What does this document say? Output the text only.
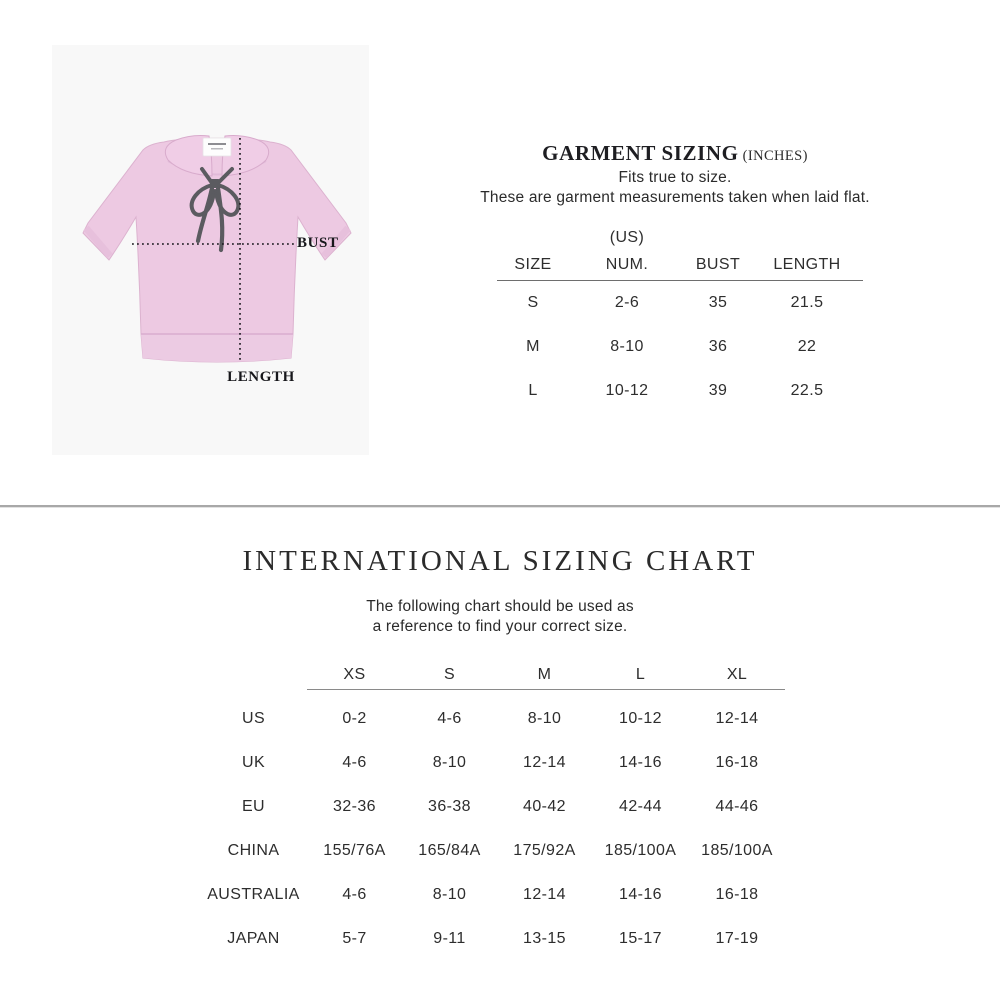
BUST
LENGTH
GARMENT SIZING (INCHES)
Fits true to size.
These are garment measurements taken when laid flat.
	(US)		
SIZE	NUM.	BUST	LENGTH
S	2-6	35	21.5
M	8-10	36	22
L	10-12	39	22.5
INTERNATIONAL SIZING CHART
The following chart should be used as
a reference to find your correct size.
	XS	S	M	L	XL
US	0-2	4-6	8-10	10-12	12-14
UK	4-6	8-10	12-14	14-16	16-18
EU	32-36	36-38	40-42	42-44	44-46
CHINA	155/76A	165/84A	175/92A	185/100A	185/100A
AUSTRALIA	4-6	8-10	12-14	14-16	16-18
JAPAN	5-7	9-11	13-15	15-17	17-19
